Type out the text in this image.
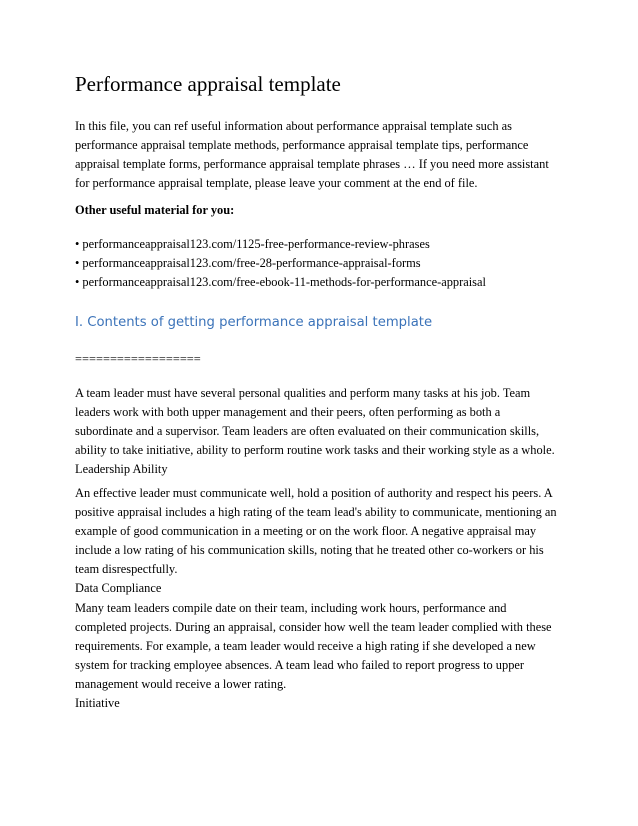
Performance appraisal template

In this file, you can ref useful information about performance appraisal template such as

performance appraisal template methods, performance appraisal template tips, performance

appraisal template forms, performance appraisal template phrases … If you need more assistant

for performance appraisal template, please leave your comment at the end of file.

Other useful material for you:

• performanceappraisal123.com/1125-free-performance-review-phrases

• performanceappraisal123.com/free-28-performance-appraisal-forms

• performanceappraisal123.com/free-ebook-11-methods-for-performance-appraisal

I. Contents of getting performance appraisal template

==================

A team leader must have several personal qualities and perform many tasks at his job. Team

leaders work with both upper management and their peers, often performing as both a

subordinate and a supervisor. Team leaders are often evaluated on their communication skills,

ability to take initiative, ability to perform routine work tasks and their working style as a whole.

Leadership Ability

An effective leader must communicate well, hold a position of authority and respect his peers. A

positive appraisal includes a high rating of the team lead's ability to communicate, mentioning an

example of good communication in a meeting or on the work floor. A negative appraisal may

include a low rating of his communication skills, noting that he treated other co-workers or his

team disrespectfully.

Data Compliance

Many team leaders compile date on their team, including work hours, performance and

completed projects. During an appraisal, consider how well the team leader complied with these

requirements. For example, a team leader would receive a high rating if she developed a new

system for tracking employee absences. A team lead who failed to report progress to upper

management would receive a lower rating.

Initiative
